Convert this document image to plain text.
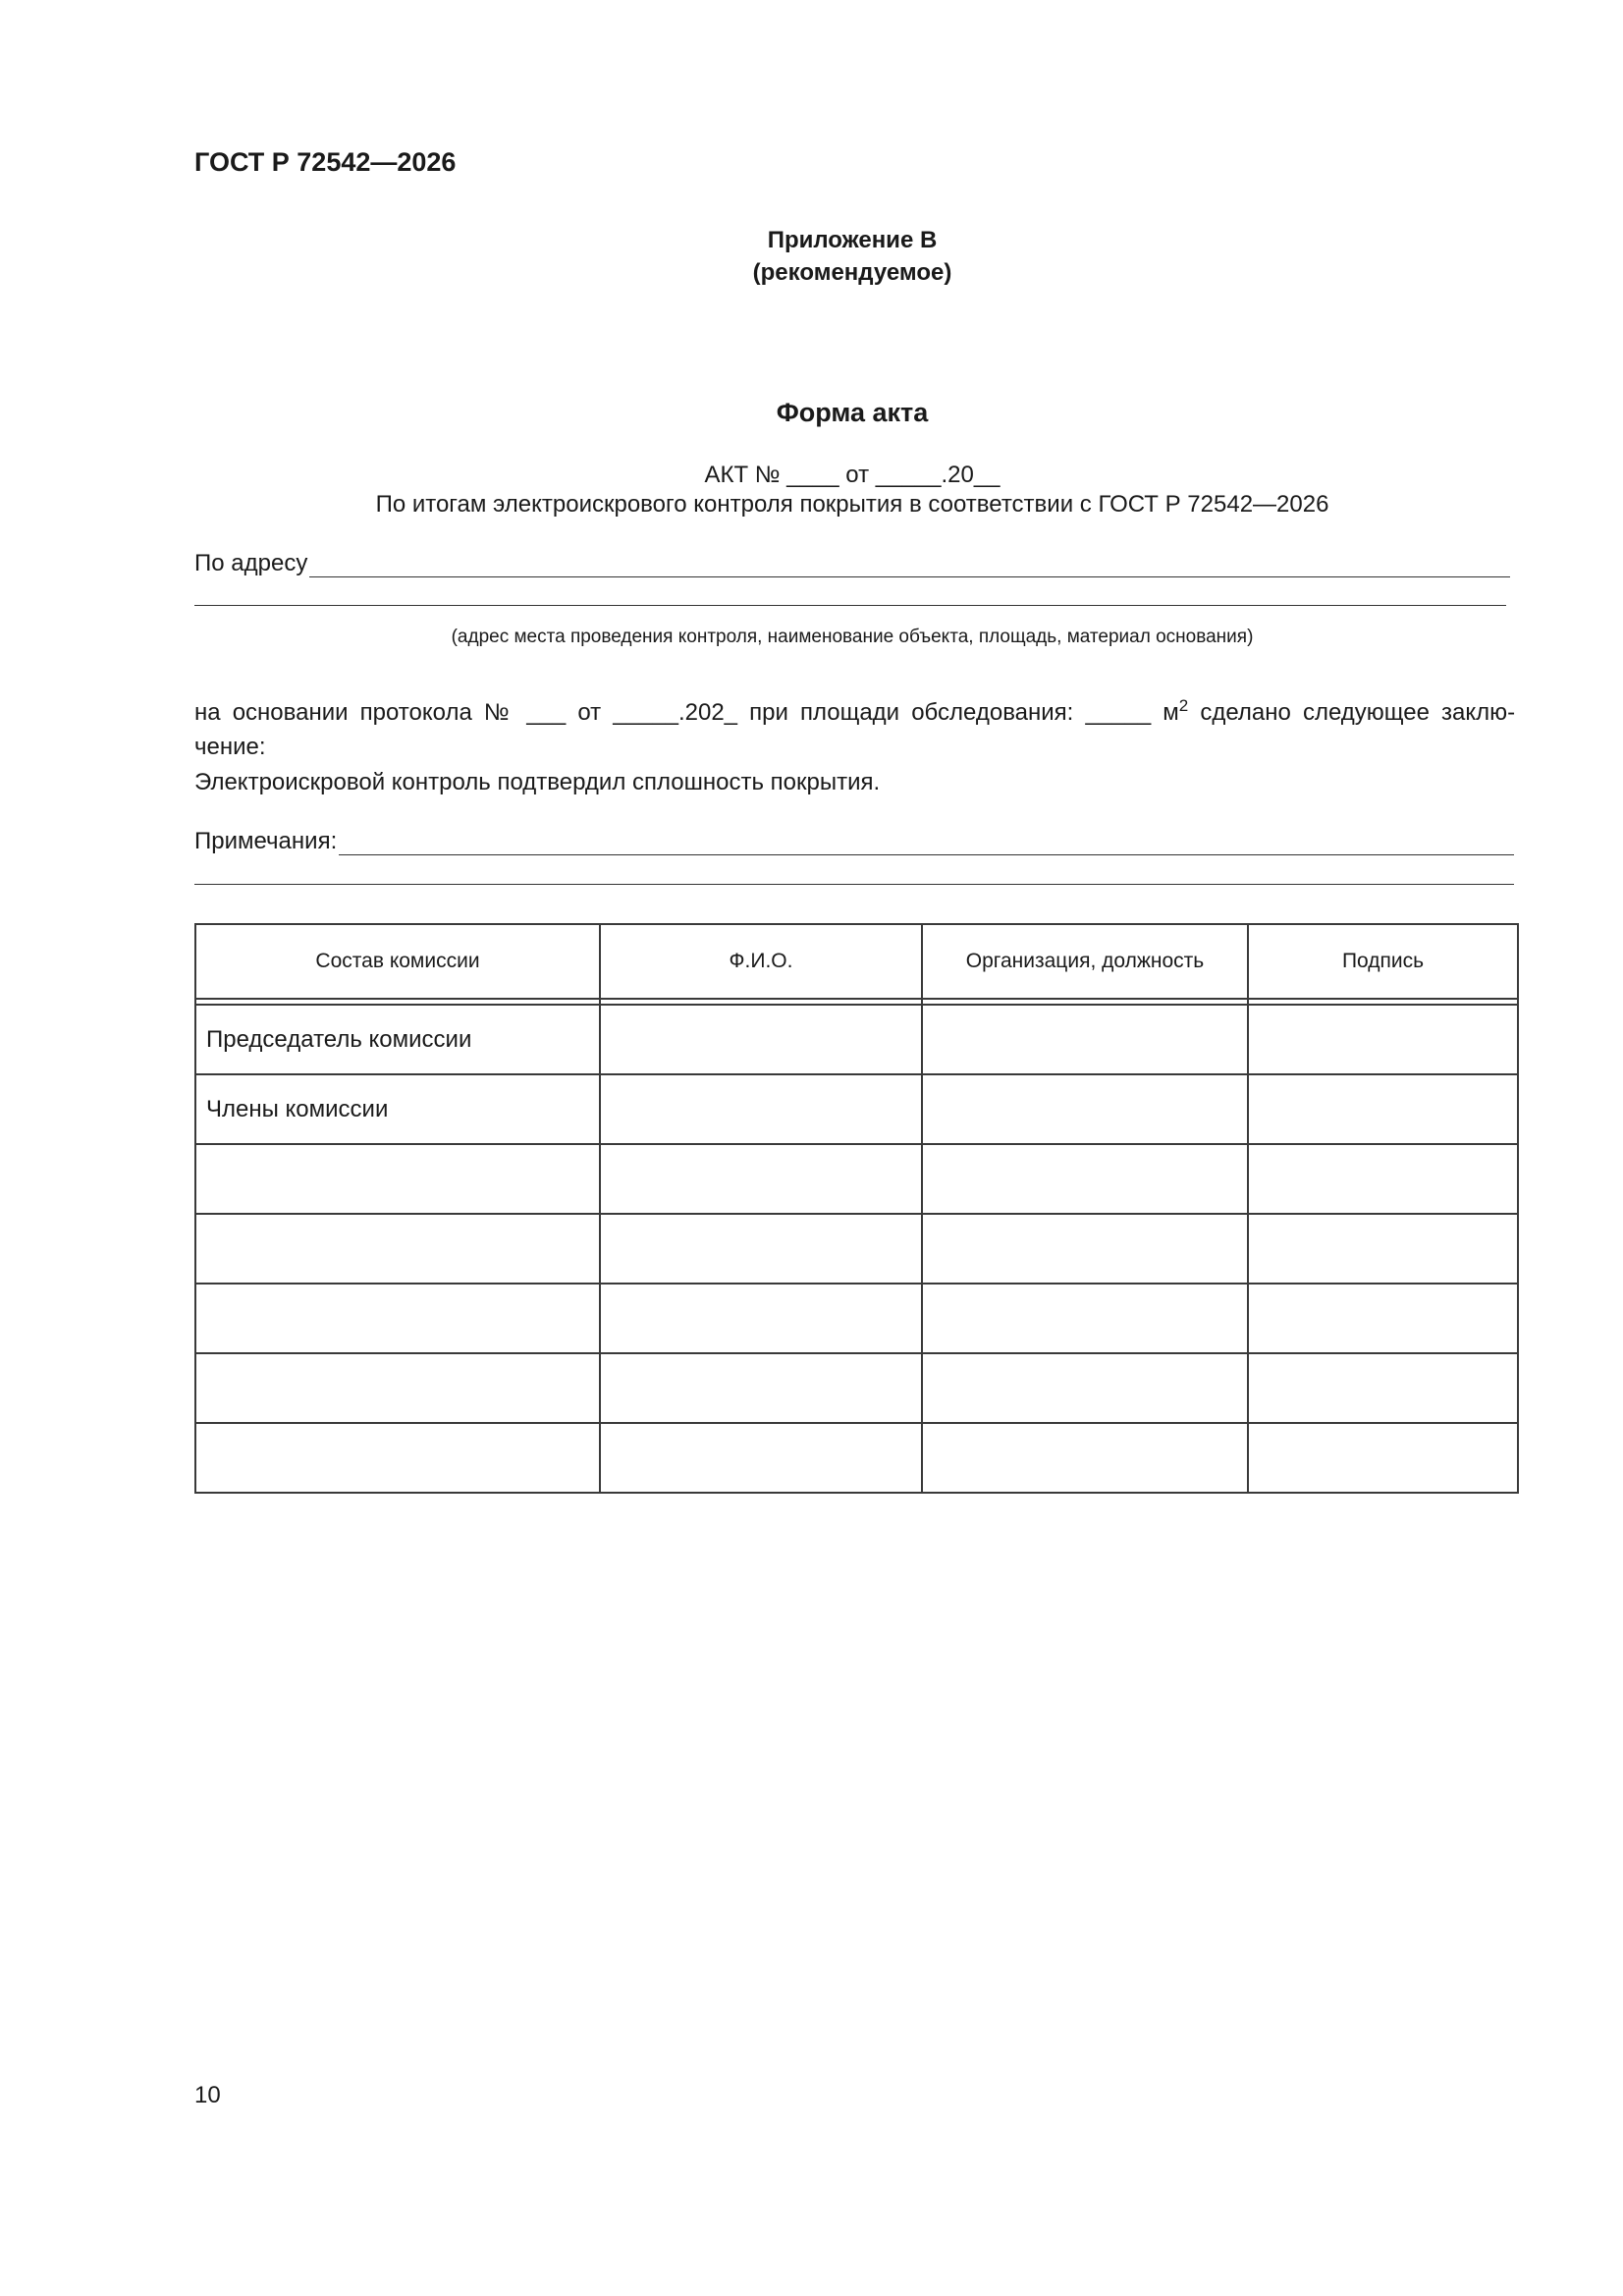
ГОСТ Р 72542—2026
Приложение В
(рекомендуемое)
Форма акта
АКТ № ____ от _____.20__
По итогам электроискрового контроля покрытия в соответствии с ГОСТ Р 72542—2026
По адресу
(адрес места проведения контроля, наименование объекта, площадь, материал основания)
на основании протокола № ___ от _____.202_ при площади обследования: _____ $м^2$ сделано следующее заклю-
чение:
Электроискровой контроль подтвердил сплошность покрытия.
Примечания:
Состав комиссии	Ф.И.О.	Организация, должность	Подпись

Председатель комиссии			
Члены комиссии			

10
